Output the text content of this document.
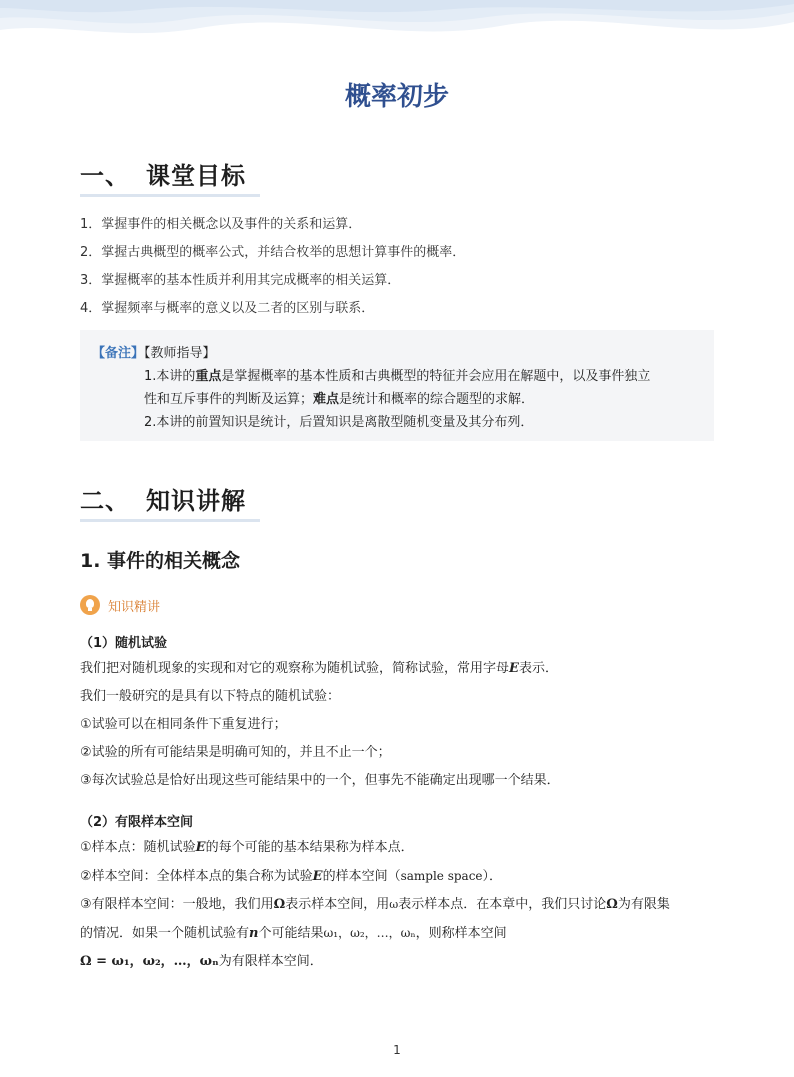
概率初步
一、 课堂目标

1．掌握事件的相关概念以及事件的关系和运算．

2．掌握古典概型的概率公式，并结合枚举的思想计算事件的概率．

3．掌握概率的基本性质并利用其完成概率的相关运算．

4．掌握频率与概率的意义以及二者的区别与联系．

【备注】【教师指导】

1.本讲的重点是掌握概率的基本性质和古典概型的特征并会应用在解题中，以及事件独立

性和互斥事件的判断及运算；难点是统计和概率的综合题型的求解．

2.本讲的前置知识是统计，后置知识是离散型随机变量及其分布列．

二、 知识讲解
1. 事件的相关概念
知识精讲
（1）随机试验

我们把对随机现象的实现和对它的观察称为随机试验，简称试验，常用字母E表示．

我们一般研究的是具有以下特点的随机试验：

①试验可以在相同条件下重复进行；

②试验的所有可能结果是明确可知的，并且不止一个；

③每次试验总是恰好出现这些可能结果中的一个，但事先不能确定出现哪一个结果．

（2）有限样本空间

①样本点：随机试验E的每个可能的基本结果称为样本点．

②样本空间：全体样本点的集合称为试验E的样本空间（sample space）．

③有限样本空间：一般地，我们用Ω表示样本空间，用ω表示样本点．在本章中，我们只讨论Ω为有限集

的情况．如果一个随机试验有n个可能结果ω₁，ω₂，…，ωₙ，则称样本空间

Ω = ω₁，ω₂，…，ωₙ为有限样本空间．

1
